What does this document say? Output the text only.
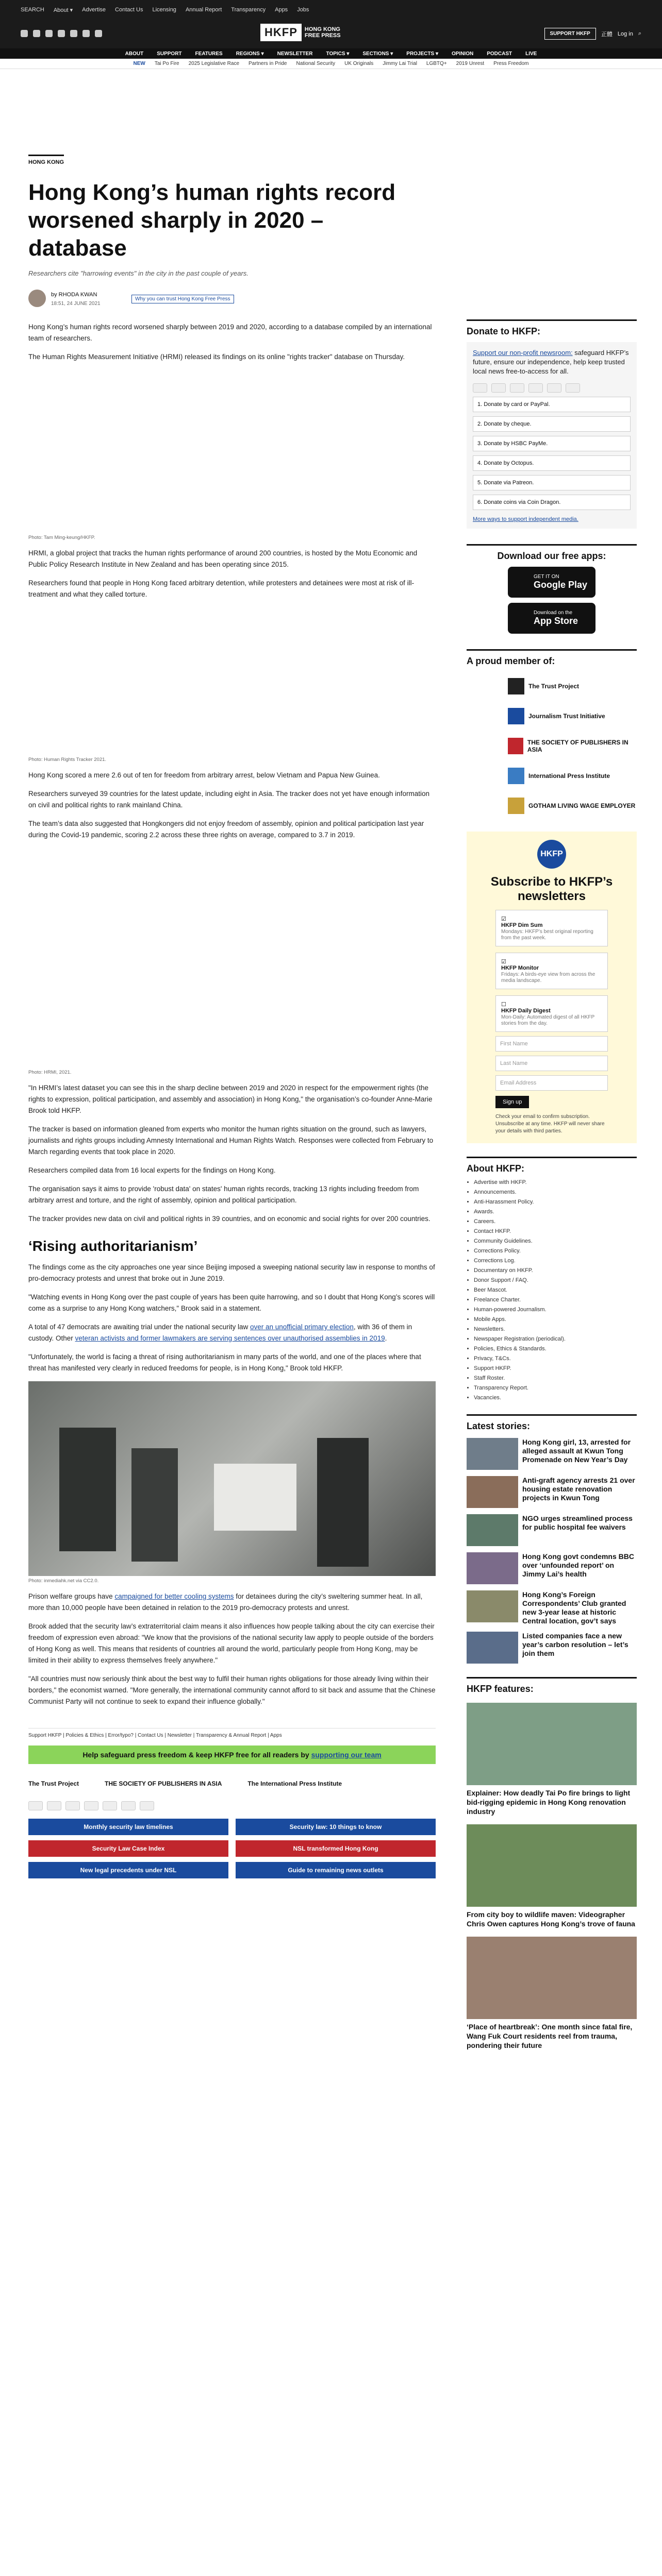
SEARCH About ▾ Advertise Contact Us Licensing Annual Report Transparency Apps Jobs
HKFP	HONG KONG FREE PRESS	SUPPORT HKFP	正體 Log in ⌕
ABOUT	SUPPORT	FEATURES	REGIONS ▾	NEWSLETTER	TOPICS ▾	SECTIONS ▾	PROJECTS ▾	OPINION	PODCAST	LIVE
NEW Tai Po Fire 2025 Legislative Race Partners in Pride National Security UK Originals Jimmy Lai Trial LGBTQ+ 2019 Unrest Press Freedom
HONG KONG
Hong Kong’s human rights record worsened sharply in 2020 – database
Researchers cite "harrowing events" in the city in the past couple of years.
by RHODA KWAN
18:51, 24 JUNE 2021
Why you can trust Hong Kong Free Press

Hong Kong’s human rights record worsened sharply between 2019 and 2020, according to a database compiled by an international team of researchers.

The Human Rights Measurement Initiative (HRMI) released its findings on its online "rights tracker" database on Thursday.

Photo: Tam Ming-keung/HKFP.

HRMI, a global project that tracks the human rights performance of around 200 countries, is hosted by the Motu Economic and Public Policy Research Institute in New Zealand and has been operating since 2015.

Researchers found that people in Hong Kong faced arbitrary detention, while protesters and detainees were most at risk of ill-treatment and what they called torture.

Photo: Human Rights Tracker 2021.

Hong Kong scored a mere 2.6 out of ten for freedom from arbitrary arrest, below Vietnam and Papua New Guinea.

Researchers surveyed 39 countries for the latest update, including eight in Asia. The tracker does not yet have enough information on civil and political rights to rank mainland China.

The team’s data also suggested that Hongkongers did not enjoy freedom of assembly, opinion and political participation last year during the Covid-19 pandemic, scoring 2.2 across these three rights on average, compared to 3.7 in 2019.

Photo: HRMI, 2021.

"In HRMI’s latest dataset you can see this in the sharp decline between 2019 and 2020 in respect for the empowerment rights (the rights to expression, political participation, and assembly and association) in Hong Kong," the organisation’s co-founder Anne-Marie Brook told HKFP.

The tracker is based on information gleaned from experts who monitor the human rights situation on the ground, such as lawyers, journalists and rights groups including Amnesty International and Human Rights Watch. Responses were collected from February to March regarding events that took place in 2020.

Researchers compiled data from 16 local experts for the findings on Hong Kong.

The organisation says it aims to provide 'robust data' on states' human rights records, tracking 13 rights including freedom from arbitrary arrest and torture, and the right of assembly, opinion and political participation.

The tracker provides new data on civil and political rights in 39 countries, and on economic and social rights for over 200 countries.

‘Rising authoritarianism’

The findings come as the city approaches one year since Beijing imposed a sweeping national security law in response to months of pro-democracy protests and unrest that broke out in June 2019.

"Watching events in Hong Kong over the past couple of years has been quite harrowing, and so I doubt that Hong Kong’s scores will come as a surprise to any Hong Kong watchers," Brook said in a statement.

A total of 47 democrats are awaiting trial under the national security law over an unofficial primary election, with 36 of them in custody. Other veteran activists and former lawmakers are serving sentences over unauthorised assemblies in 2019.

"Unfortunately, the world is facing a threat of rising authoritarianism in many parts of the world, and one of the places where that threat has manifested very clearly in reduced freedoms for people, is in Hong Kong," Brook told HKFP.

Photo: inmediahk.net via CC2.0.

Prison welfare groups have campaigned for better cooling systems for detainees during the city’s sweltering summer heat. In all, more than 10,000 people have been detained in relation to the 2019 pro-democracy protests and unrest.

Brook added that the security law’s extraterritorial claim means it also influences how people talking about the city can exercise their freedom of expression even abroad: "We know that the provisions of the national security law apply to people outside of the borders of Hong Kong as well. This means that residents of countries all around the world, particularly people from Hong Kong, may be limited in their ability to express themselves freely anywhere."

"All countries must now seriously think about the best way to fulfil their human rights obligations for those already living within their borders," the economist warned. "More generally, the international community cannot afford to sit back and assume that the Chinese Communist Party will not continue to seek to expand their influence globally."

Support HKFP | Policies & Ethics | Error/typo? | Contact Us | Newsletter | Transparency & Annual Report | Apps
Help safeguard press freedom & keep HKFP free for all readers by supporting our team
The Trust Project	THE SOCIETY OF PUBLISHERS IN ASIA	The International Press Institute
Monthly security law timelines	Security law: 10 things to know
Security Law Case Index	NSL transformed Hong Kong
New legal precedents under NSL	Guide to remaining news outlets
Donate to HKFP:
Support our non-profit newsroom: safeguard HKFP’s future, ensure our independence, help keep trusted local news free-to-access for all.
1. Donate by card or PayPal.
2. Donate by cheque.
3. Donate by HSBC PayMe.
4. Donate by Octopus.
5. Donate via Patreon.
6. Donate coins via Coin Dragon.
More ways to support independent media.
Download our free apps:
GET IT ON
Google Play
Download on the
App Store
A proud member of:
The Trust Project
Journalism Trust Initiative
THE SOCIETY OF PUBLISHERS IN ASIA
International Press Institute
GOTHAM LIVING WAGE EMPLOYER
HKFP
Subscribe to HKFP’s newsletters
☑
HKFP Dim Sum
Mondays: HKFP’s best original reporting from the past week.
☑
HKFP Monitor
Fridays: A birds-eye view from across the media landscape.
☐
HKFP Daily Digest
Mon-Daily: Automated digest of all HKFP stories from the day.
First Name
Last Name
Email Address
Sign up
Check your email to confirm subscription. Unsubscribe at any time. HKFP will never share your details with third parties.
About HKFP:
• Advertise with HKFP.
• Announcements.
• Anti-Harassment Policy.
• Awards.
• Careers.
• Contact HKFP.
• Community Guidelines.
• Corrections Policy.
• Corrections Log.
• Documentary on HKFP.
• Donor Support / FAQ.
• Beer Mascot.
• Freelance Charter.
• Human-powered Journalism.
• Mobile Apps.
• Newsletters.
• Newspaper Registration (periodical).
• Policies, Ethics & Standards.
• Privacy, T&Cs.
• Support HKFP.
• Staff Roster.
• Transparency Report.
• Vacancies.
Latest stories:
Hong Kong girl, 13, arrested for alleged assault at Kwun Tong Promenade on New Year’s Day
Anti-graft agency arrests 21 over housing estate renovation projects in Kwun Tong
NGO urges streamlined process for public hospital fee waivers
Hong Kong govt condemns BBC over ‘unfounded report’ on Jimmy Lai’s health
Hong Kong’s Foreign Correspondents’ Club granted new 3-year lease at historic Central location, gov’t says
Listed companies face a new year’s carbon resolution – let’s join them
HKFP features:
Explainer: How deadly Tai Po fire brings to light bid-rigging epidemic in Hong Kong renovation industry
From city boy to wildlife maven: Videographer Chris Owen captures Hong Kong’s trove of fauna
‘Place of heartbreak’: One month since fatal fire, Wang Fuk Court residents reel from trauma, pondering their future
